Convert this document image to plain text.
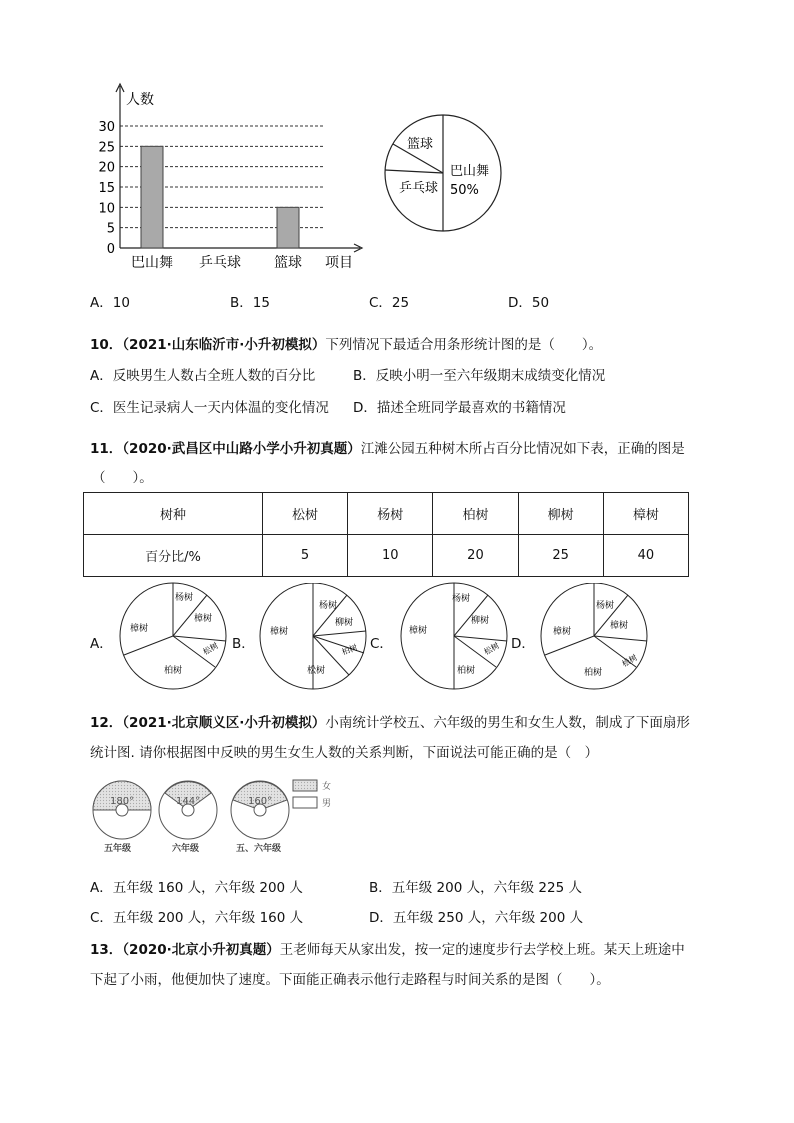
0
5
10
15
20
25
30
巴山舞 乒乓球 篮球
人数
项目
巴山舞
50%
篮球
乒乓球
A．10	B．15	C．25	D．50
10．（2021·山东临沂市·小升初模拟）下列情况下最适合用条形统计图的是（　　）。
A．反映男生人数占全班人数的百分比	B．反映小明一至六年级期末成绩变化情况
C．医生记录病人一天内体温的变化情况 D．描述全班同学最喜欢的书籍情况
11．（2020·武昌区中山路小学小升初真题）江滩公园五种树木所占百分比情况如下表，正确的图是
（　　）。
树种	松树	杨树	柏树	柳树	樟树
百分比/%	5	10	20	25	40
A．
杨树
樟树
松树
柏树
樟树
B．
杨树
柳树
柏树
松树
樟树
C．
杨树
柳树
松树
柏树
樟树
D．
杨树
樟树
松树
柏树
樟树
12．（2021·北京顺义区·小升初模拟）小南统计学校五、六年级的男生和女生人数，制成了下面扇形
统计图. 请你根据图中反映的男生女生人数的关系判断，下面说法可能正确的是（　）
180°
五年级
144°
六年级
160°
五、六年级
女
男
A．五年级 160 人，六年级 200 人	B．五年级 200 人，六年级 225 人
C．五年级 200 人，六年级 160 人	D．五年级 250 人，六年级 200 人
13．（2020·北京小升初真题）王老师每天从家出发，按一定的速度步行去学校上班。某天上班途中
下起了小雨，他便加快了速度。下面能正确表示他行走路程与时间关系的是图（　　）。
